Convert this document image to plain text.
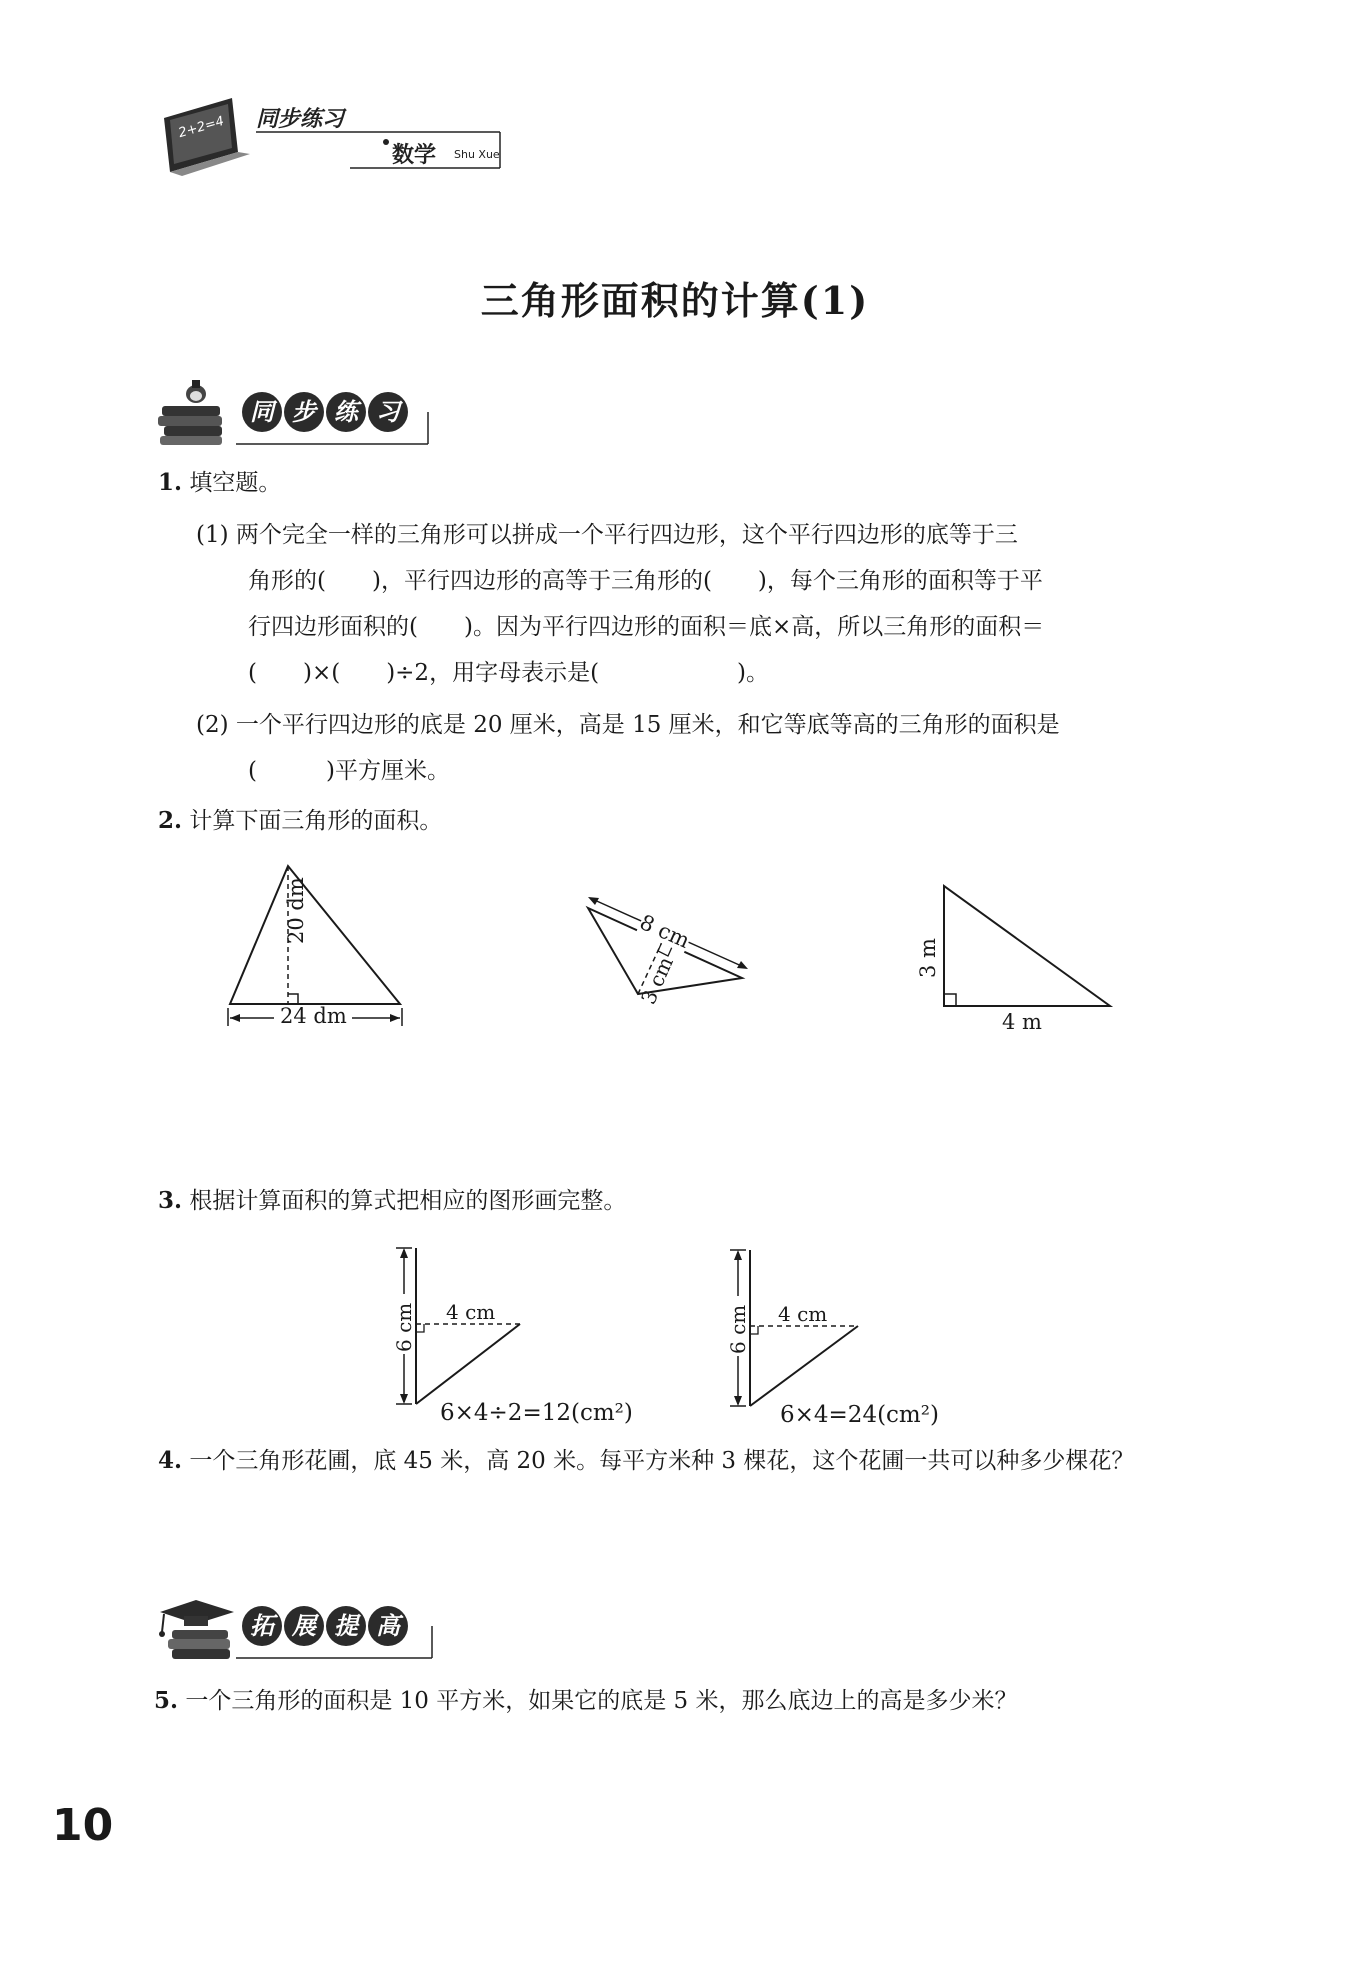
2+2=4 同步练习
数学 Shu Xue
三角形面积的计算(1)
同 步 练 习
1. 填空题。
(1) 两个完全一样的三角形可以拼成一个平行四边形，这个平行四边形的底等于三
角形的(　　)，平行四边形的高等于三角形的(　　)，每个三角形的面积等于平
行四边形面积的(　　)。因为平行四边形的面积＝底×高，所以三角形的面积＝
(　　)×(　　)÷2，用字母表示是(　　　　　　)。
(2) 一个平行四边形的底是 20 厘米，高是 15 厘米，和它等底等高的三角形的面积是
(　　　)平方厘米。
2. 计算下面三角形的面积。
24 dm
20 dm	8 cm
3 cm	3 m
4 m
3. 根据计算面积的算式把相应的图形画完整。
6 cm 4 cm
6×4÷2=12(cm²)
6 cm 4 cm
6×4=24(cm²)
4. 一个三角形花圃，底 45 米，高 20 米。每平方米种 3 棵花，这个花圃一共可以种多少棵花？
拓 展 提 高
5. 一个三角形的面积是 10 平方米，如果它的底是 5 米，那么底边上的高是多少米？
10
